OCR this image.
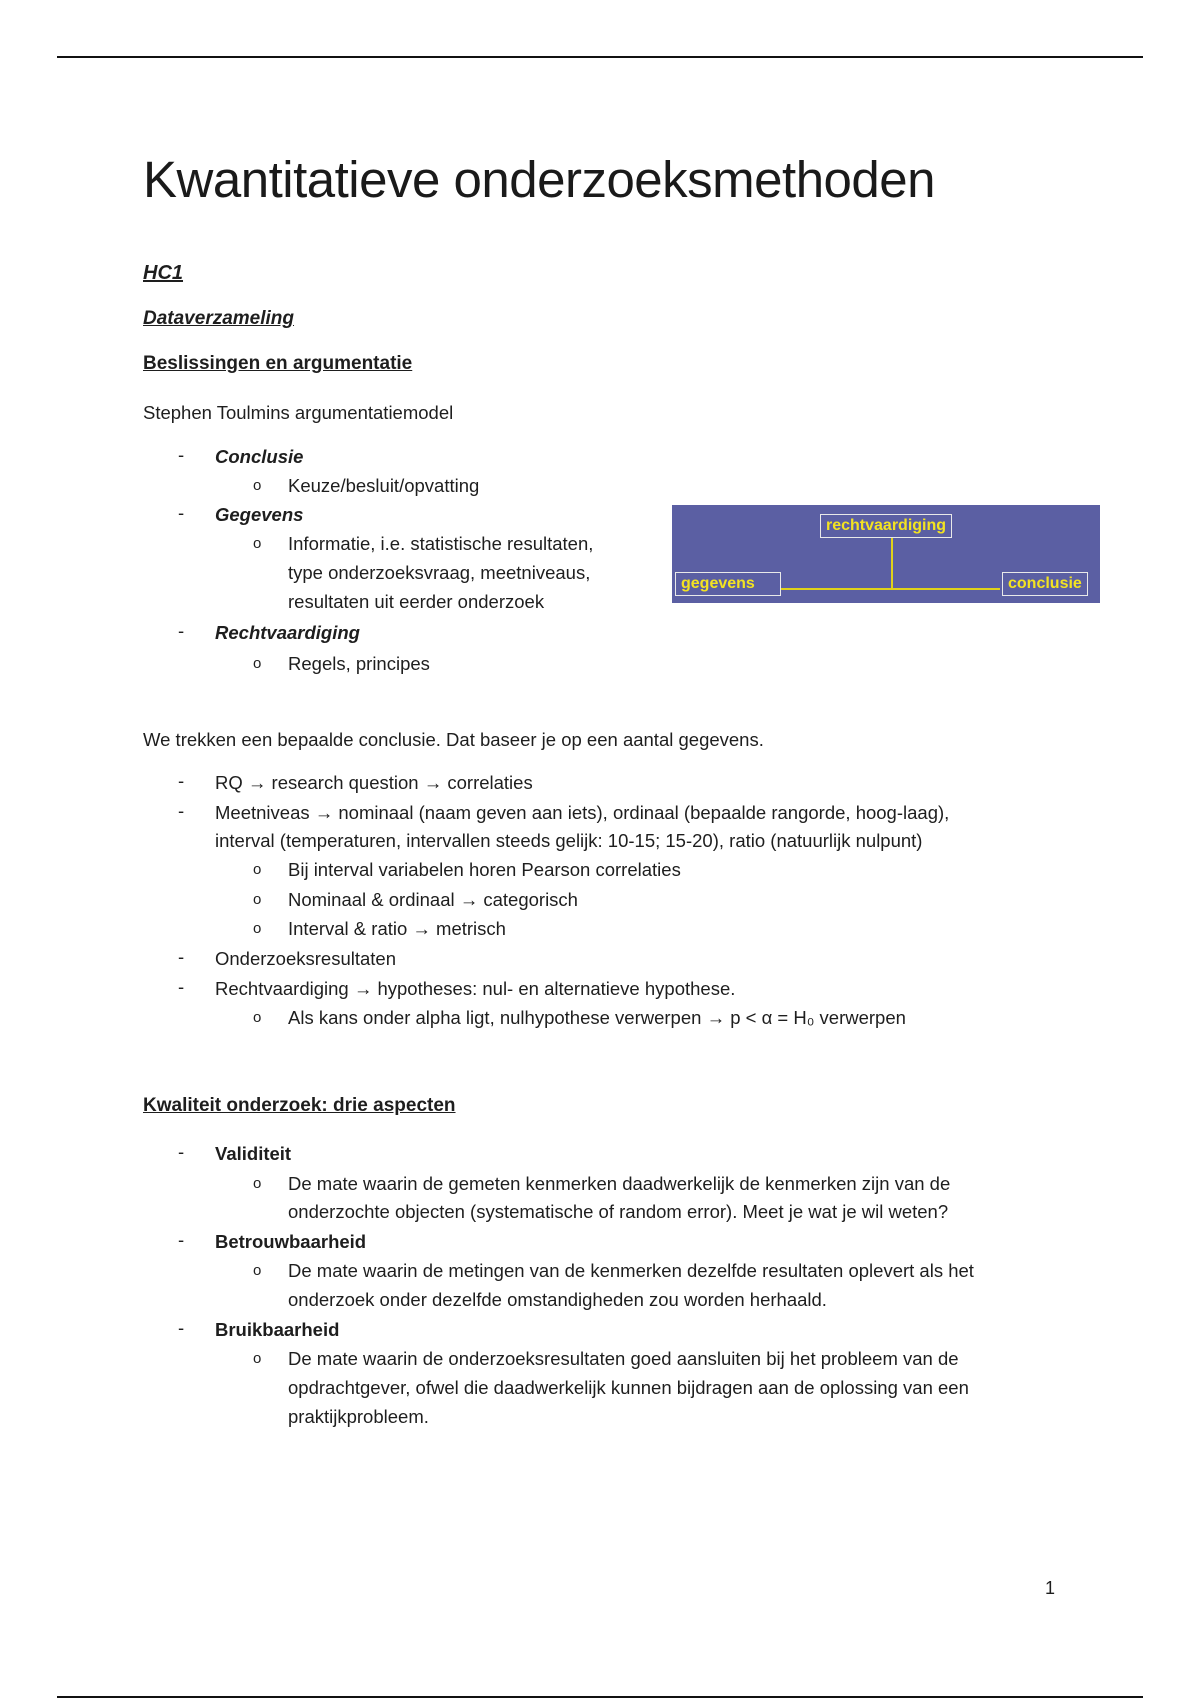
Kwantitatieve onderzoeksmethoden
HC1
Dataverzameling
Beslissingen en argumentatie
Stephen Toulmins argumentatiemodel
- Conclusie
o Keuze/besluit/opvatting
- Gegevens
o Informatie, i.e. statistische resultaten,
type onderzoeksvraag, meetniveaus,
resultaten uit eerder onderzoek
- Rechtvaardiging
o Regels, principes
We trekken een bepaalde conclusie. Dat baseer je op een aantal gegevens.
- RQ → research question → correlaties
- Meetniveas → nominaal (naam geven aan iets), ordinaal (bepaalde rangorde, hoog-laag),
interval (temperaturen, intervallen steeds gelijk: 10-15; 15-20), ratio (natuurlijk nulpunt)
o Bij interval variabelen horen Pearson correlaties
o Nominaal & ordinaal → categorisch
o Interval & ratio → metrisch
- Onderzoeksresultaten
- Rechtvaardiging → hypotheses: nul- en alternatieve hypothese.
o Als kans onder alpha ligt, nulhypothese verwerpen → p < α = H₀ verwerpen
Kwaliteit onderzoek: drie aspecten
- Validiteit
o De mate waarin de gemeten kenmerken daadwerkelijk de kenmerken zijn van de
onderzochte objecten (systematische of random error). Meet je wat je wil weten?
- Betrouwbaarheid
o De mate waarin de metingen van de kenmerken dezelfde resultaten oplevert als het
onderzoek onder dezelfde omstandigheden zou worden herhaald.
- Bruikbaarheid
o De mate waarin de onderzoeksresultaten goed aansluiten bij het probleem van de
opdrachtgever, ofwel die daadwerkelijk kunnen bijdragen aan de oplossing van een
praktijkprobleem.
rechtvaardiging
gegevens	conclusie
1
